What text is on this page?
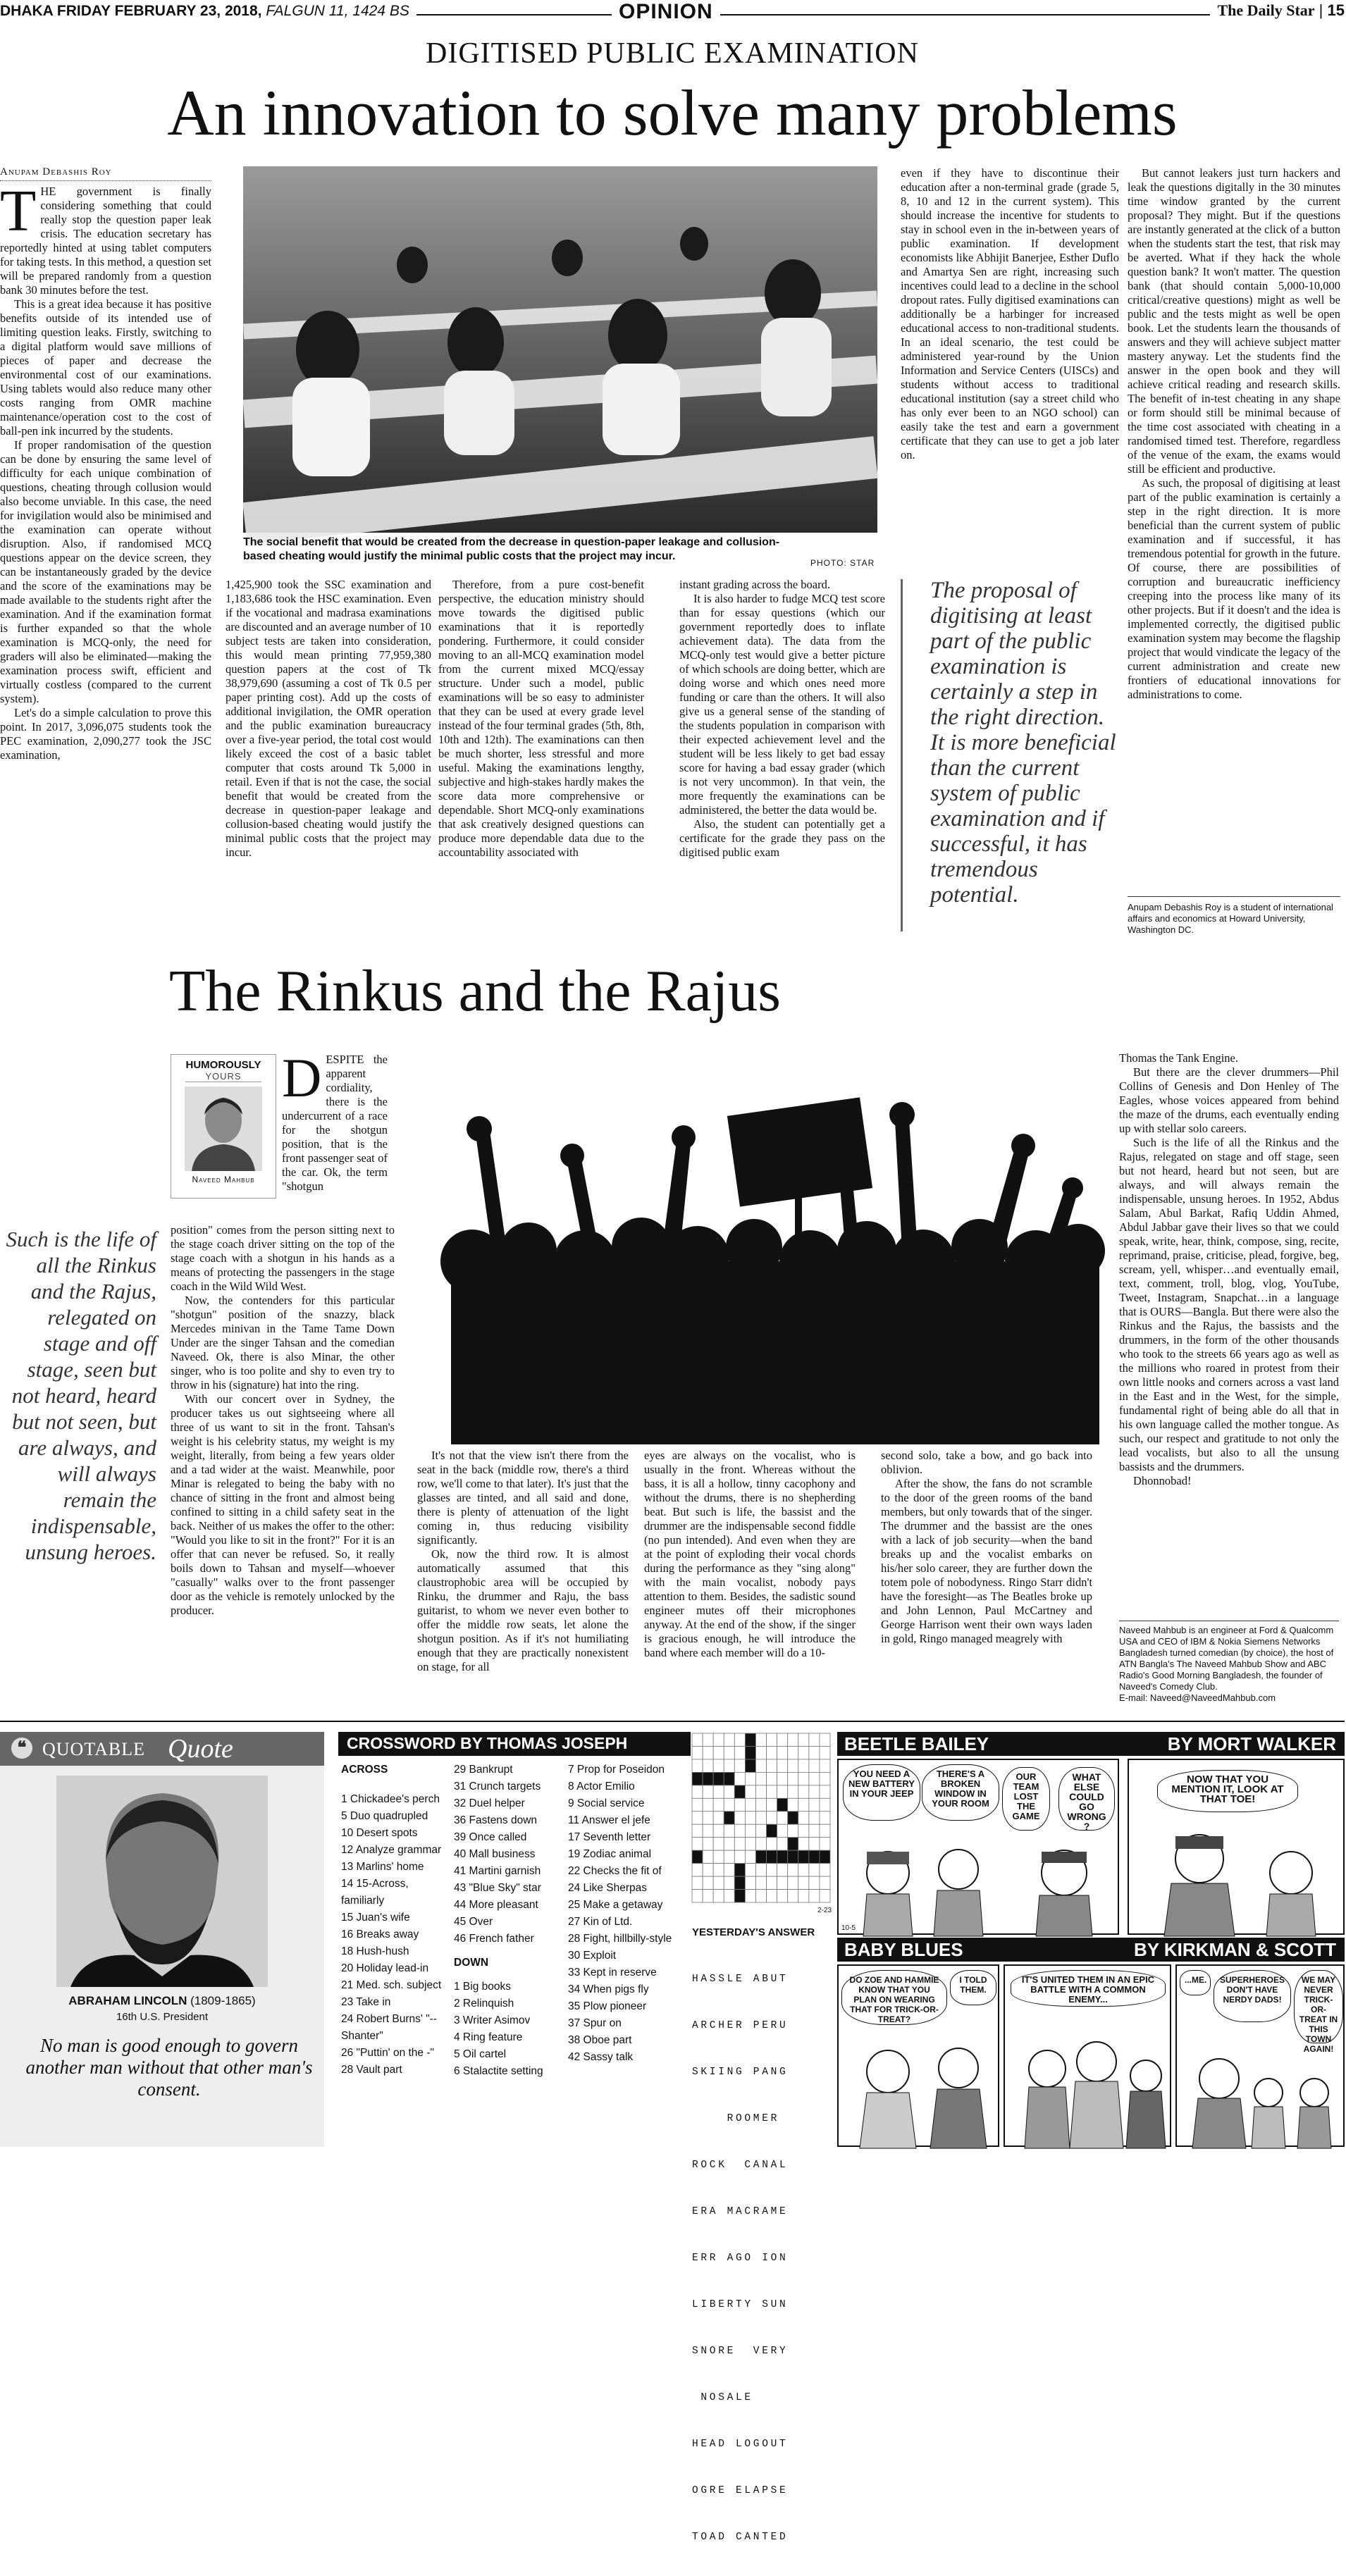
DHAKA FRIDAY FEBRUARY 23, 2018, FALGUN 11, 1424 BS	OPINION	The Daily Star | 15
DIGITISED PUBLIC EXAMINATION
An innovation to solve many problems
Anupam Debashis Roy
T HE government is finally considering something that could really stop the question paper leak crisis. The education secretary has reportedly hinted at using tablet computers for taking tests. In this method, a question set will be prepared randomly from a question bank 30 minutes before the test.

This is a great idea because it has positive benefits outside of its intended use of limiting question leaks. Firstly, switching to a digital platform would save millions of pieces of paper and decrease the environmental cost of our examinations. Using tablets would also reduce many other costs ranging from OMR machine maintenance/operation cost to the cost of ball-pen ink incurred by the students.

If proper randomisation of the question can be done by ensuring the same level of difficulty for each unique combination of questions, cheating through collusion would also become unviable. In this case, the need for invigilation would also be minimised and the examination can operate without disruption. Also, if randomised MCQ questions appear on the device screen, they can be instantaneously graded by the device and the score of the examinations may be made available to the students right after the examination. And if the examination format is further expanded so that the whole examination is MCQ-only, the need for graders will also be eliminated—making the examination process swift, efficient and virtually costless (compared to the current system).

Let's do a simple calculation to prove this point. In 2017, 3,096,075 students took the PEC examination, 2,090,277 took the JSC examination,

The social benefit that would be created from the decrease in question-paper leakage and collusion-based cheating would justify the minimal public costs that the project may incur.
PHOTO: STAR

1,425,900 took the SSC examination and 1,183,686 took the HSC examination. Even if the vocational and madrasa examinations are discounted and an average number of 10 subject tests are taken into consideration, this would mean printing 77,959,380 question papers at the cost of Tk 38,979,690 (assuming a cost of Tk 0.5 per paper printing cost). Add up the costs of additional invigilation, the OMR operation and the public examination bureaucracy over a five-year period, the total cost would likely exceed the cost of a basic tablet computer that costs around Tk 5,000 in retail. Even if that is not the case, the social benefit that would be created from the decrease in question-paper leakage and collusion-based cheating would justify the minimal public costs that the project may incur.

Therefore, from a pure cost-benefit perspective, the education ministry should move towards the digitised public examinations that it is reportedly pondering. Furthermore, it could consider moving to an all-MCQ examination model from the current mixed MCQ/essay structure. Under such a model, public examinations will be so easy to administer that they can be used at every grade level instead of the four terminal grades (5th, 8th, 10th and 12th). The examinations can then be much shorter, less stressful and more useful. Making the examinations lengthy, subjective and high-stakes hardly makes the score data more comprehensive or dependable. Short MCQ-only examinations that ask creatively designed questions can produce more dependable data due to the accountability associated with

instant grading across the board.

It is also harder to fudge MCQ test score than for essay questions (which our government reportedly does to inflate achievement data). The data from the MCQ-only test would give a better picture of which schools are doing better, which are doing worse and which ones need more funding or care than the others. It will also give us a general sense of the standing of the students population in comparison with their expected achievement level and the student will be less likely to get bad essay score for having a bad essay grader (which is not very uncommon). In that vein, the more frequently the examinations can be administered, the better the data would be.

Also, the student can potentially get a certificate for the grade they pass on the digitised public exam

even if they have to discontinue their education after a non-terminal grade (grade 5, 8, 10 and 12 in the current system). This should increase the incentive for students to stay in school even in the in-between years of public examination. If development economists like Abhijit Banerjee, Esther Duflo and Amartya Sen are right, increasing such incentives could lead to a decline in the school dropout rates. Fully digitised examinations can additionally be a harbinger for increased educational access to non-traditional students. In an ideal scenario, the test could be administered year-round by the Union Information and Service Centers (UISCs) and students without access to traditional educational institution (say a street child who has only ever been to an NGO school) can easily take the test and earn a government certificate that they can use to get a job later on.

The proposal of digitising at least part of the public examination is certainly a step in the right direction. It is more beneficial than the current system of public examination and if successful, it has tremendous potential.

But cannot leakers just turn hackers and leak the questions digitally in the 30 minutes time window granted by the current proposal? They might. But if the questions are instantly generated at the click of a button when the students start the test, that risk may be averted. What if they hack the whole question bank? It won't matter. The question bank (that should contain 5,000-10,000 critical/creative questions) might as well be public and the tests might as well be open book. Let the students learn the thousands of answers and they will achieve subject matter mastery anyway. Let the students find the answer in the open book and they will achieve critical reading and research skills. The benefit of in-test cheating in any shape or form should still be minimal because of the time cost associated with cheating in a randomised timed test. Therefore, regardless of the venue of the exam, the exams would still be efficient and productive.

As such, the proposal of digitising at least part of the public examination is certainly a step in the right direction. It is more beneficial than the current system of public examination and if successful, it has tremendous potential for growth in the future. Of course, there are possibilities of corruption and bureaucratic inefficiency creeping into the process like many of its other projects. But if it doesn't and the idea is implemented correctly, the digitised public examination system may become the flagship project that would vindicate the legacy of the current administration and create new frontiers of educational innovations for administrations to come.

Anupam Debashis Roy is a student of international affairs and economics at Howard University, Washington DC.
The Rinkus and the Rajus
HUMOROUSLY
YOURS
Naveed Mahbub
D ESPITE the apparent cordiality, there is the undercurrent of a race for the shotgun position, that is the front passenger seat of the car. Ok, the term "shotgun

position" comes from the person sitting next to the stage coach driver sitting on the top of the stage coach with a shotgun in his hands as a means of protecting the passengers in the stage coach in the Wild Wild West.

Now, the contenders for this particular "shotgun" position of the snazzy, black Mercedes minivan in the Tame Tame Down Under are the singer Tahsan and the comedian Naveed. Ok, there is also Minar, the other singer, who is too polite and shy to even try to throw in his (signature) hat into the ring.

With our concert over in Sydney, the producer takes us out sightseeing where all three of us want to sit in the front. Tahsan's weight is his celebrity status, my weight is my weight, literally, from being a few years older and a tad wider at the waist. Meanwhile, poor Minar is relegated to being the baby with no chance of sitting in the front and almost being confined to sitting in a child safety seat in the back. Neither of us makes the offer to the other: "Would you like to sit in the front?" For it is an offer that can never be refused. So, it really boils down to Tahsan and myself—whoever "casually" walks over to the front passenger door as the vehicle is remotely unlocked by the producer.

Such is the life of all the Rinkus and the Rajus, relegated on stage and off stage, seen but not heard, heard but not seen, but are always, and will always remain the indispensable, unsung heroes.

It's not that the view isn't there from the seat in the back (middle row, there's a third row, we'll come to that later). It's just that the glasses are tinted, and all said and done, there is plenty of attenuation of the light coming in, thus reducing visibility significantly.

Ok, now the third row. It is almost automatically assumed that this claustrophobic area will be occupied by Rinku, the drummer and Raju, the bass guitarist, to whom we never even bother to offer the middle row seats, let alone the shotgun position. As if it's not humiliating enough that they are practically nonexistent on stage, for all

eyes are always on the vocalist, who is usually in the front. Whereas without the bass, it is all a hollow, tinny cacophony and without the drums, there is no shepherding beat. But such is life, the bassist and the drummer are the indispensable second fiddle (no pun intended). And even when they are at the point of exploding their vocal chords during the performance as they "sing along" with the main vocalist, nobody pays attention to them. Besides, the sadistic sound engineer mutes off their microphones anyway. At the end of the show, if the singer is gracious enough, he will introduce the band where each member will do a 10-

second solo, take a bow, and go back into oblivion.

After the show, the fans do not scramble to the door of the green rooms of the band members, but only towards that of the singer. The drummer and the bassist are the ones with a lack of job security—when the band breaks up and the vocalist embarks on his/her solo career, they are further down the totem pole of nobodyness. Ringo Starr didn't have the foresight—as The Beatles broke up and John Lennon, Paul McCartney and George Harrison went their own ways laden in gold, Ringo managed meagrely with

Thomas the Tank Engine.

But there are the clever drummers—Phil Collins of Genesis and Don Henley of The Eagles, whose voices appeared from behind the maze of the drums, each eventually ending up with stellar solo careers.

Such is the life of all the Rinkus and the Rajus, relegated on stage and off stage, seen but not heard, heard but not seen, but are always, and will always remain the indispensable, unsung heroes. In 1952, Abdus Salam, Abul Barkat, Rafiq Uddin Ahmed, Abdul Jabbar gave their lives so that we could speak, write, hear, think, compose, sing, recite, reprimand, praise, criticise, plead, forgive, beg, scream, yell, whisper…and eventually email, text, comment, troll, blog, vlog, YouTube, Tweet, Instagram, Snapchat…in a language that is OURS—Bangla. But there were also the Rinkus and the Rajus, the bassists and the drummers, in the form of the other thousands who took to the streets 66 years ago as well as the millions who roared in protest from their own little nooks and corners across a vast land in the East and in the West, for the simple, fundamental right of being able do all that in his own language called the mother tongue. As such, our respect and gratitude to not only the lead vocalists, but also to all the unsung bassists and the drummers.

Dhonnobad!

Naveed Mahbub is an engineer at Ford & Qualcomm USA and CEO of IBM & Nokia Siemens Networks Bangladesh turned comedian (by choice), the host of ATN Bangla's The Naveed Mahbub Show and ABC Radio's Good Morning Bangladesh, the founder of Naveed's Comedy Club.
E-mail: Naveed@NaveedMahbub.com
❝ QUOTABLE Quote
ABRAHAM LINCOLN (1809-1865)
16th U.S. President
No man is good enough to govern another man without that other man's consent.
CROSSWORD BY THOMAS JOSEPH
ACROSS
1 Chickadee's perch
5 Duo quadrupled
10 Desert spots
12 Analyze grammar
13 Marlins' home
14 15-Across, familiarly
15 Juan's wife
16 Breaks away
18 Hush-hush
20 Holiday lead-in
21 Med. sch. subject
23 Take in
24 Robert Burns' "-- Shanter"
26 "Puttin' on the -"
28 Vault part
29 Bankrupt
31 Crunch targets
32 Duel helper
36 Fastens down
39 Once called
40 Mall business
41 Martini garnish
43 "Blue Sky" star
44 More pleasant
45 Over
46 French father
DOWN
1 Big books
2 Relinquish
3 Writer Asimov
4 Ring feature
5 Oil cartel
6 Stalactite setting
7 Prop for Poseidon
8 Actor Emilio
9 Social service
11 Answer el jefe
17 Seventh letter
19 Zodiac animal
22 Checks the fit of
24 Like Sherpas
25 Make a getaway
27 Kin of Ltd.
28 Fight, hillbilly-style
30 Exploit
33 Kept in reserve
34 When pigs fly
35 Plow pioneer
37 Spur on
38 Oboe part
42 Sassy talk
2-23
YESTERDAY'S ANSWER

HASSLE ABUT

ARCHER PERU

SKIING PANG

ROOMER

ROCK  CANAL

ERA MACRAME

ERR AGO ION

LIBERTY SUN

SNORE  VERY

NOSALE

HEAD LOGOUT

OGRE ELAPSE

TOAD CANTED

BEETLE BAILEY	BY MORT WALKER
YOU NEED A NEW BATTERY IN YOUR JEEP
THERE'S A BROKEN WINDOW IN YOUR ROOM
OUR TEAM LOST THE GAME
WHAT ELSE COULD GO WRONG ?
10-5
NOW THAT YOU MENTION IT, LOOK AT THAT TOE!
BABY BLUES	BY KIRKMAN & SCOTT
DO ZOE AND HAMMIE KNOW THAT YOU PLAN ON WEARING THAT FOR TRICK-OR-TREAT?
I TOLD THEM.
IT'S UNITED THEM IN AN EPIC BATTLE WITH A COMMON ENEMY...
...ME.	SUPERHEROES DON'T HAVE NERDY DADS!
WE MAY NEVER TRICK-OR-TREAT IN THIS TOWN AGAIN!
